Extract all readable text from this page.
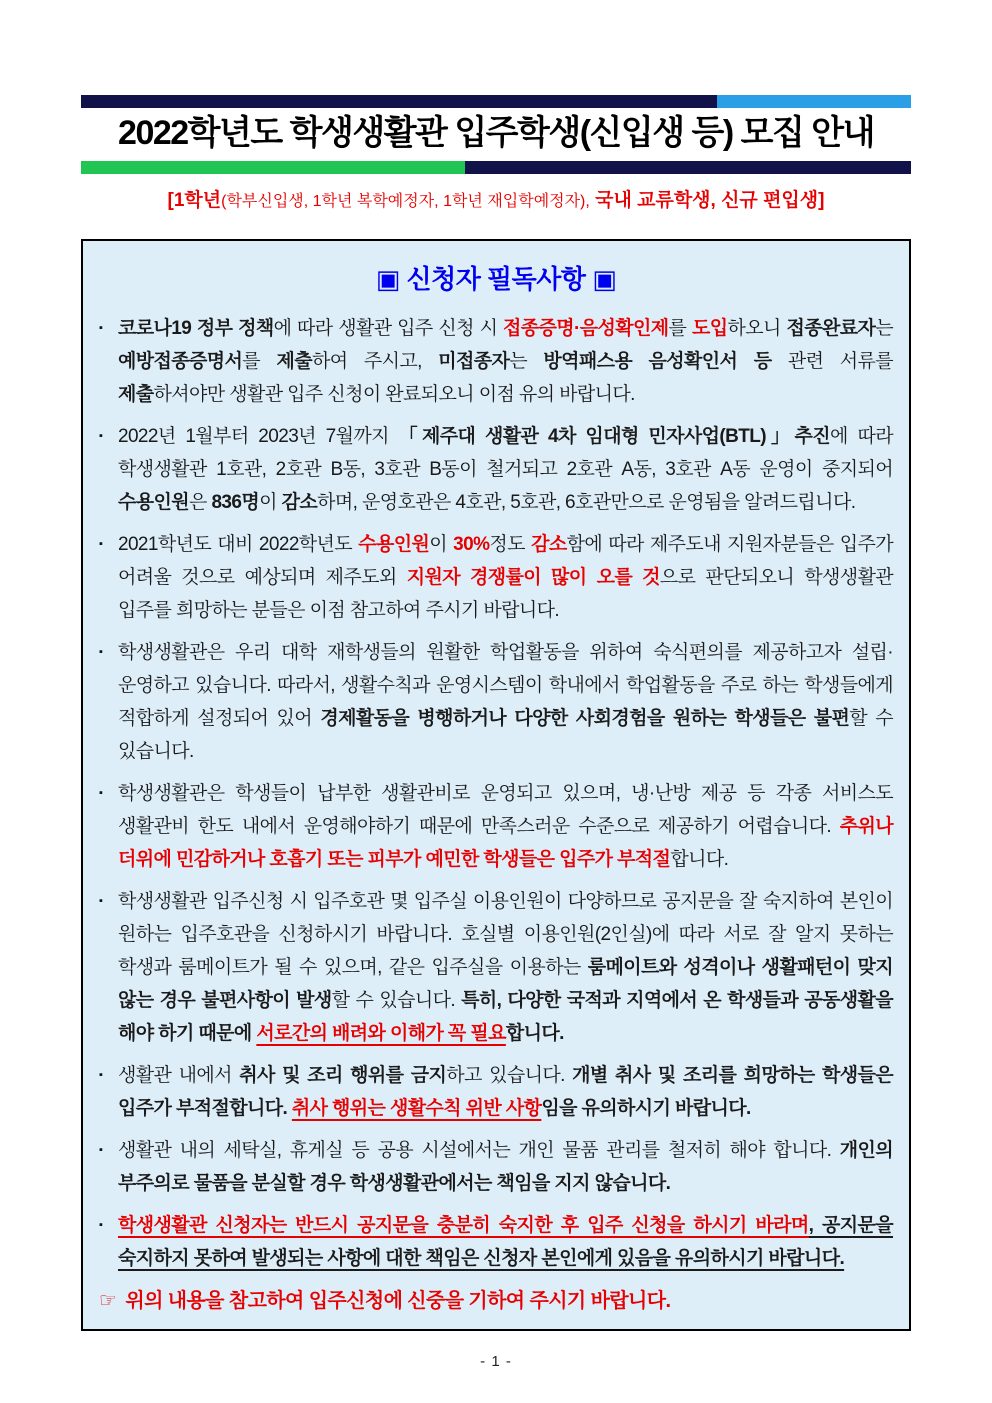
2022학년도 학생생활관 입주학생(신입생 등) 모집 안내

[1학년(학부신입생, 1학년 복학예정자, 1학년 재입학예정자), 국내 교류학생, 신규 편입생]

▣ 신청자 필독사항 ▣
▪ 코로나19 정부 정책에 따라 생활관 입주 신청 시 접종증명·음성확인제를 도입하오니 접종완료자는 예방접종증명서를 제출하여 주시고, 미접종자는 방역패스용 음성확인서 등 관련 서류를 제출하셔야만 생활관 입주 신청이 완료되오니 이점 유의 바랍니다.
▪ 2022년 1월부터 2023년 7월까지 「제주대 생활관 4차 임대형 민자사업(BTL)」추진에 따라 학생생활관 1호관, 2호관 B동, 3호관 B동이 철거되고 2호관 A동, 3호관 A동 운영이 중지되어 수용인원은 836명이 감소하며, 운영호관은 4호관, 5호관, 6호관만으로 운영됨을 알려드립니다.
▪ 2021학년도 대비 2022학년도 수용인원이 30%정도 감소함에 따라 제주도내 지원자분들은 입주가 어려울 것으로 예상되며 제주도외 지원자 경쟁률이 많이 오를 것으로 판단되오니 학생생활관 입주를 희망하는 분들은 이점 참고하여 주시기 바랍니다.
▪ 학생생활관은 우리 대학 재학생들의 원활한 학업활동을 위하여 숙식편의를 제공하고자 설립·운영하고 있습니다. 따라서, 생활수칙과 운영시스템이 학내에서 학업활동을 주로 하는 학생들에게 적합하게 설정되어 있어 경제활동을 병행하거나 다양한 사회경험을 원하는 학생들은 불편할 수 있습니다.
▪ 학생생활관은 학생들이 납부한 생활관비로 운영되고 있으며, 냉·난방 제공 등 각종 서비스도 생활관비 한도 내에서 운영해야하기 때문에 만족스러운 수준으로 제공하기 어렵습니다. 추위나 더위에 민감하거나 호흡기 또는 피부가 예민한 학생들은 입주가 부적절합니다.
▪ 학생생활관 입주신청 시 입주호관 몇 입주실 이용인원이 다양하므로 공지문을 잘 숙지하여 본인이 원하는 입주호관을 신청하시기 바랍니다. 호실별 이용인원(2인실)에 따라 서로 잘 알지 못하는 학생과 룸메이트가 될 수 있으며, 같은 입주실을 이용하는 룸메이트와 성격이나 생활패턴이 맞지 않는 경우 불편사항이 발생할 수 있습니다. 특히, 다양한 국적과 지역에서 온 학생들과 공동생활을 해야 하기 때문에 서로간의 배려와 이해가 꼭 필요합니다.
▪ 생활관 내에서 취사 및 조리 행위를 금지하고 있습니다. 개별 취사 및 조리를 희망하는 학생들은 입주가 부적절합니다. 취사 행위는 생활수칙 위반 사항임을 유의하시기 바랍니다.
▪ 생활관 내의 세탁실, 휴게실 등 공용 시설에서는 개인 물품 관리를 철저히 해야 합니다. 개인의 부주의로 물품을 분실할 경우 학생생활관에서는 책임을 지지 않습니다.
▪ 학생생활관 신청자는 반드시 공지문을 충분히 숙지한 후 입주 신청을 하시기 바라며, 공지문을 숙지하지 못하여 발생되는 사항에 대한 책임은 신청자 본인에게 있음을 유의하시기 바랍니다.

☞ 위의 내용을 참고하여 입주신청에 신중을 기하여 주시기 바랍니다.

- 1 -
